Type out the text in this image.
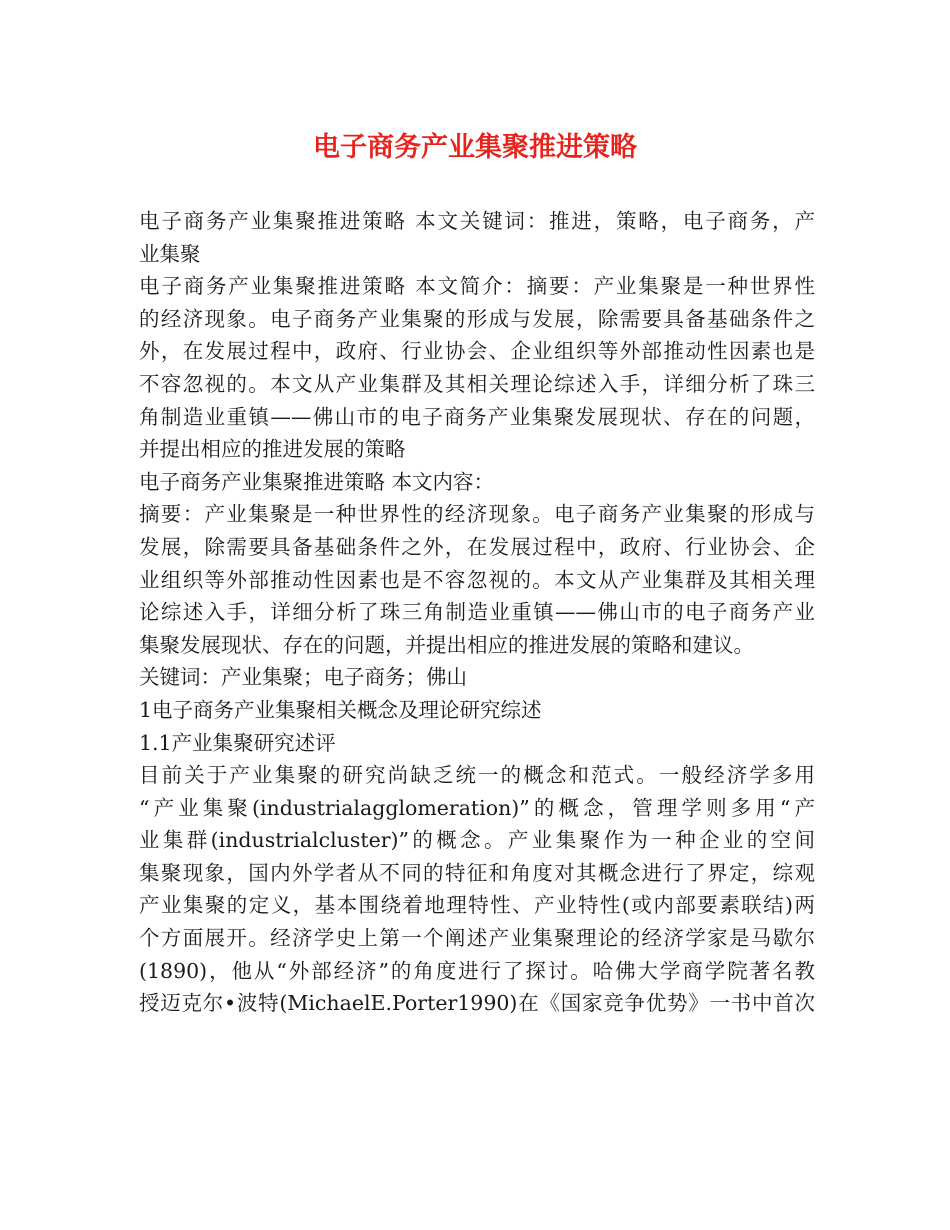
电子商务产业集聚推进策略
电子商务产业集聚推进策略 本文关键词：推进，策略，电子商务，产
业集聚
电子商务产业集聚推进策略 本文简介：摘要：产业集聚是一种世界性
的经济现象。电子商务产业集聚的形成与发展，除需要具备基础条件之
外，在发展过程中，政府、行业协会、企业组织等外部推动性因素也是
不容忽视的。本文从产业集群及其相关理论综述入手，详细分析了珠三
角制造业重镇——佛山市的电子商务产业集聚发展现状、存在的问题，
并提出相应的推进发展的策略
电子商务产业集聚推进策略 本文内容：
摘要：产业集聚是一种世界性的经济现象。电子商务产业集聚的形成与
发展，除需要具备基础条件之外，在发展过程中，政府、行业协会、企
业组织等外部推动性因素也是不容忽视的。本文从产业集群及其相关理
论综述入手，详细分析了珠三角制造业重镇——佛山市的电子商务产业
集聚发展现状、存在的问题，并提出相应的推进发展的策略和建议。
关键词：产业集聚；电子商务；佛山
1电子商务产业集聚相关概念及理论研究综述
1.1产业集聚研究述评
目前关于产业集聚的研究尚缺乏统一的概念和范式。一般经济学多用
“产业集聚(industrialagglomeration)”的概念，管理学则多用“产
业集群(industrialcluster)”的概念。产业集聚作为一种企业的空间
集聚现象，国内外学者从不同的特征和角度对其概念进行了界定，综观
产业集聚的定义，基本围绕着地理特性、产业特性(或内部要素联结)两
个方面展开。经济学史上第一个阐述产业集聚理论的经济学家是马歇尔
(1890)，他从“外部经济”的角度进行了探讨。哈佛大学商学院著名教
授迈克尔•波特(MichaelE.Porter1990)在《国家竞争优势》一书中首次
